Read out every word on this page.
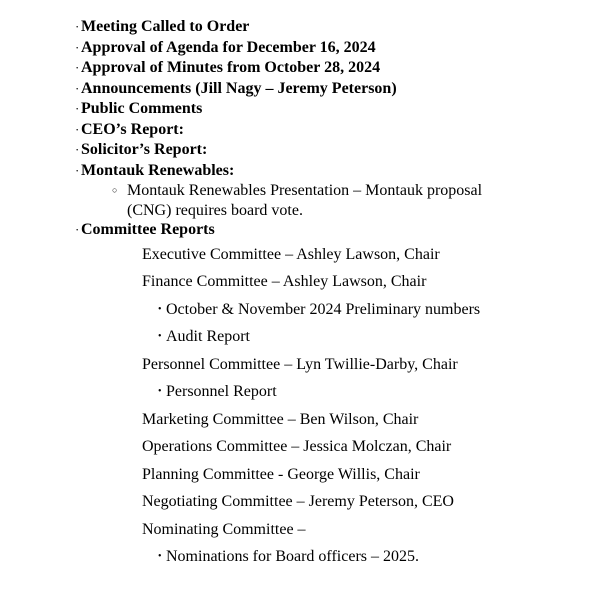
· Meeting Called to Order
· Approval of Agenda for December 16, 2024
· Approval of Minutes from October 28, 2024
· Announcements (Jill Nagy – Jeremy Peterson)
· Public Comments
· CEO’s Report:
· Solicitor’s Report:
· Montauk Renewables:
○ Montauk Renewables Presentation – Montauk proposal (CNG) requires board vote.
· Committee Reports
Executive Committee – Ashley Lawson, Chair
Finance Committee – Ashley Lawson, Chair
• October & November 2024 Preliminary numbers
• Audit Report
Personnel Committee – Lyn Twillie-Darby, Chair
• Personnel Report
Marketing Committee – Ben Wilson, Chair
Operations Committee – Jessica Molczan, Chair
Planning Committee - George Willis, Chair
Negotiating Committee – Jeremy Peterson, CEO
Nominating Committee –
• Nominations for Board officers – 2025.
